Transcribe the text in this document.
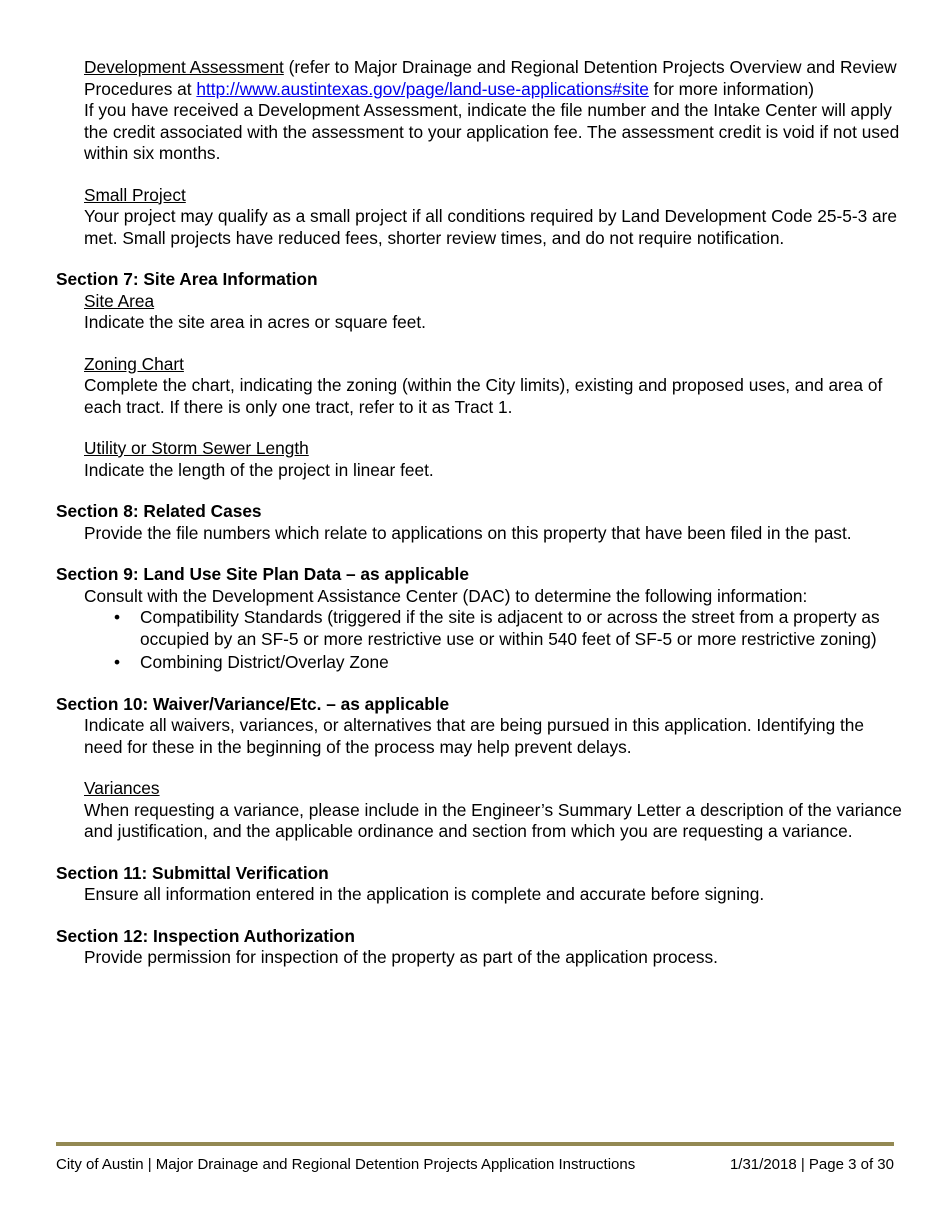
Development Assessment (refer to Major Drainage and Regional Detention Projects Overview and Review Procedures at http://www.austintexas.gov/page/land-use-applications#site for more information)
If you have received a Development Assessment, indicate the file number and the Intake Center will apply the credit associated with the assessment to your application fee. The assessment credit is void if not used within six months.
Small Project
Your project may qualify as a small project if all conditions required by Land Development Code 25-5-3 are met. Small projects have reduced fees, shorter review times, and do not require notification.
Section 7: Site Area Information
Site Area
Indicate the site area in acres or square feet.
Zoning Chart
Complete the chart, indicating the zoning (within the City limits), existing and proposed uses, and area of each tract. If there is only one tract, refer to it as Tract 1.
Utility or Storm Sewer Length
Indicate the length of the project in linear feet.
Section 8: Related Cases
Provide the file numbers which relate to applications on this property that have been filed in the past.
Section 9: Land Use Site Plan Data – as applicable
Consult with the Development Assistance Center (DAC) to determine the following information:
• Compatibility Standards (triggered if the site is adjacent to or across the street from a property as occupied by an SF-5 or more restrictive use or within 540 feet of SF-5 or more restrictive zoning)
• Combining District/Overlay Zone
Section 10: Waiver/Variance/Etc. – as applicable
Indicate all waivers, variances, or alternatives that are being pursued in this application. Identifying the need for these in the beginning of the process may help prevent delays.
Variances
When requesting a variance, please include in the Engineer’s Summary Letter a description of the variance and justification, and the applicable ordinance and section from which you are requesting a variance.
Section 11: Submittal Verification
Ensure all information entered in the application is complete and accurate before signing.
Section 12: Inspection Authorization
Provide permission for inspection of the property as part of the application process.
City of Austin | Major Drainage and Regional Detention Projects Application Instructions	1/31/2018 | Page 3 of 30
